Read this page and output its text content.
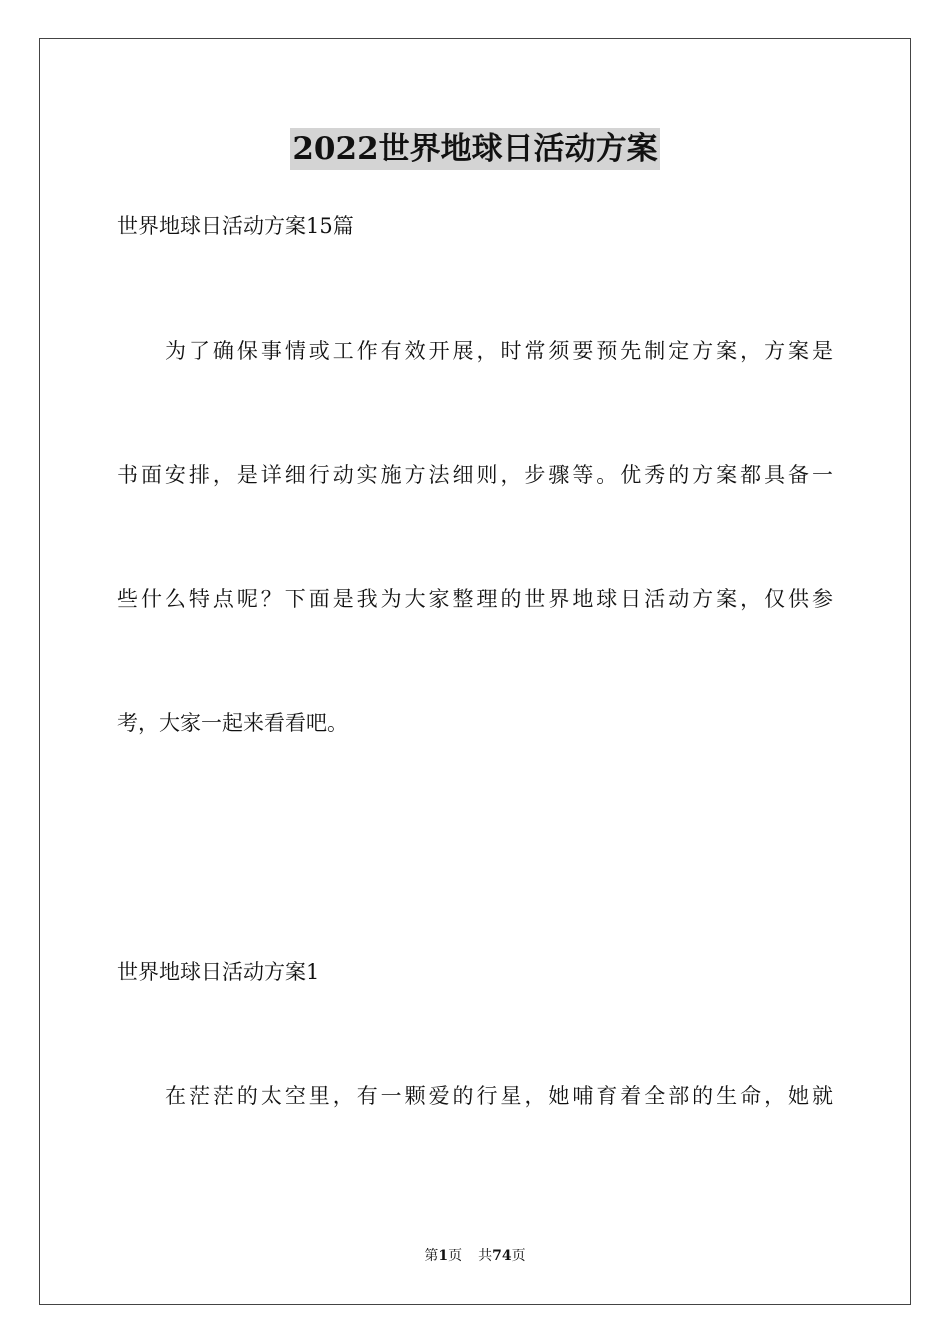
2022世界地球日活动方案
世界地球日活动方案15篇
为了确保事情或工作有效开展，时常须要预先制定方案，方案是
书面安排，是详细行动实施方法细则，步骤等。优秀的方案都具备一
些什么特点呢？下面是我为大家整理的世界地球日活动方案，仅供参
考，大家一起来看看吧。
世界地球日活动方案1
在茫茫的太空里，有一颗爱的行星，她哺育着全部的生命，她就
第1页 共74页
